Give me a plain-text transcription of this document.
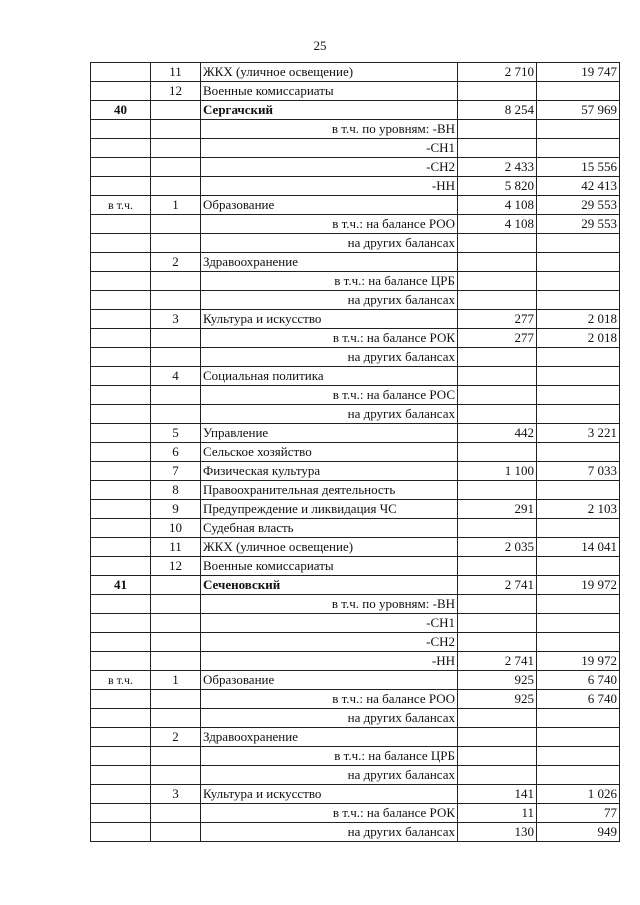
25
	11	ЖКХ (уличное освещение)	2 710	19 747
	12	Военные комиссариаты		
40		Сергачский	8 254	57 969
		в т.ч. по уровням: -ВН		
		-СН1		
		-СН2	2 433	15 556
		-НН	5 820	42 413
в т.ч.	1	Образование	4 108	29 553
		в т.ч.: на балансе РОО	4 108	29 553
		на других балансах		
	2	Здравоохранение		
		в т.ч.: на балансе ЦРБ		
		на других балансах		
	3	Культура и искусство	277	2 018
		в т.ч.: на балансе РОК	277	2 018
		на других балансах		
	4	Социальная политика		
		в т.ч.: на балансе РОС		
		на других балансах		
	5	Управление	442	3 221
	6	Сельское хозяйство		
	7	Физическая культура	1 100	7 033
	8	Правоохранительная деятельность		
	9	Предупреждение и ликвидация ЧС	291	2 103
	10	Судебная власть		
	11	ЖКХ (уличное освещение)	2 035	14 041
	12	Военные комиссариаты		
41		Сеченовский	2 741	19 972
		в т.ч. по уровням: -ВН		
		-СН1		
		-СН2		
		-НН	2 741	19 972
в т.ч.	1	Образование	925	6 740
		в т.ч.: на балансе РОО	925	6 740
		на других балансах		
	2	Здравоохранение		
		в т.ч.: на балансе ЦРБ		
		на других балансах		
	3	Культура и искусство	141	1 026
		в т.ч.: на балансе РОК	11	77
		на других балансах	130	949
